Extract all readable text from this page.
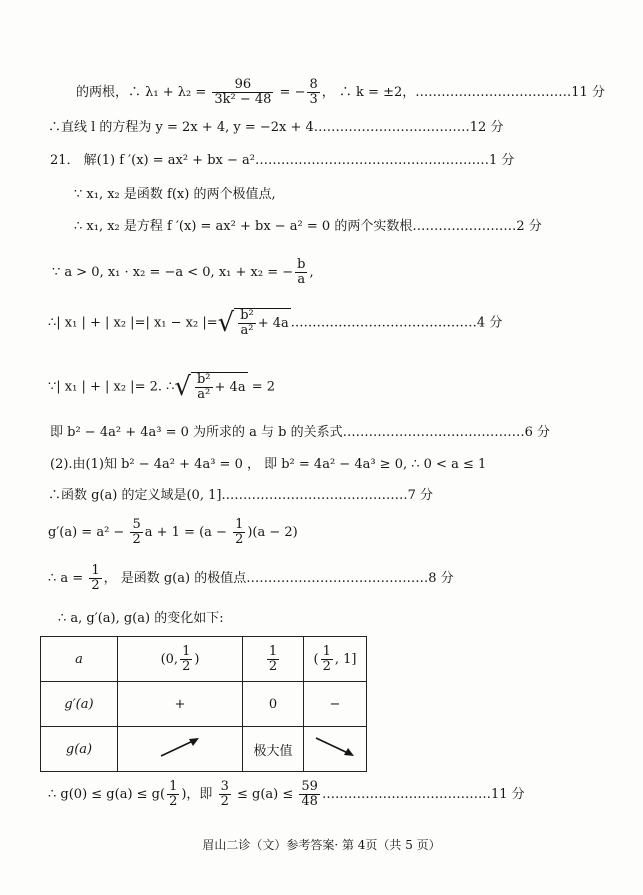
的两根，∴ $\lambda_1 + \lambda_2 = \frac{96}{\text{3k² − 48}}$ = − $\frac{8}{3}$ ， ∴ k = ±2，………………………………11 分
∴直线 l 的方程为 y = 2x + 4, y = −2x + 4………………………………12 分
21． 解(1) f ′(x) = ax² + bx − a²………………………………………………1 分
∵ x₁, x₂ 是函数 f(x) 的两个极值点,
∴ x₁, x₂ 是方程 f ′(x) = ax² + bx − a² = 0 的两个实数根……………………2 分
∵ a > 0, x₁ · x₂ = −a < 0, x₁ + x₂ = − $\frac{b}{a}$ ,
∴| x₁ | + | x₂ |=| x₁ − x₂ |=√ $\frac{\text{b²}}{\text{a²}} + 4a$ .……………………………………4 分
∵| x₁ | + | x₂ |= 2. ∴√ $\frac{\text{b²}}{\text{a²}} + 4a = 2$
即 b² − 4a² + 4a³ = 0 为所求的 a 与 b 的关系式……………………………………6 分
(2).由(1)知 b² − 4a² + 4a³ = 0 ， 即 b² = 4a² − 4a³ ≥ 0, ∴ 0 < a ≤ 1
∴函数 g(a) 的定义域是(0, 1].……………………………………7 分
$g'(a) = a^2 - \frac{5}{2}$ $a + 1 = (a - \frac{1}{2} )(a - 2)$
∴ $a = \frac{1}{2}$ ， 是函数 g(a) 的极值点……………………………………8 分
∴ a, g′(a), g(a) 的变化如下:
a	(0, $\frac{1}{2}$ )	$\frac{1}{2}$	( $\frac{1}{2}$ , 1]
g′(a)	+	0	−
g(a)		极大值	
∴ $g(0) \le g(a) \le g( \frac{1}{2}$ )，即 $\frac{3}{2} \le g(a) \le \frac{59}{48}$ …………………………………11 分
眉山二诊（文）参考答案· 第 4页（共 5 页）
